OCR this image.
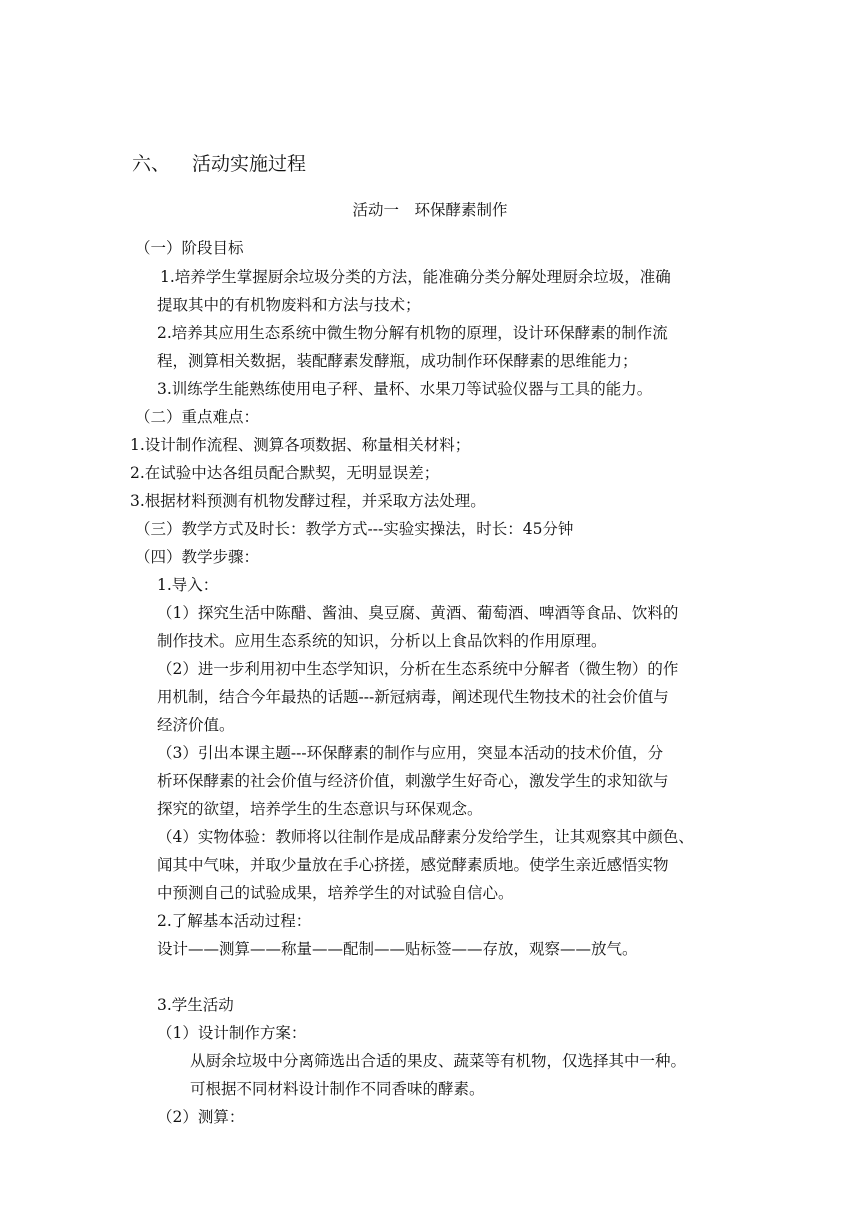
六、 活动实施过程
活动一　环保酵素制作
（一）阶段目标
1.培养学生掌握厨余垃圾分类的方法，能准确分类分解处理厨余垃圾，准确
提取其中的有机物废料和方法与技术；
2.培养其应用生态系统中微生物分解有机物的原理，设计环保酵素的制作流
程，测算相关数据，装配酵素发酵瓶，成功制作环保酵素的思维能力；
3.训练学生能熟练使用电子秤、量杯、水果刀等试验仪器与工具的能力。
（二）重点难点：
1.设计制作流程、测算各项数据、称量相关材料；
2.在试验中达各组员配合默契，无明显误差；
3.根据材料预测有机物发酵过程，并采取方法处理。
（三）教学方式及时长：教学方式---实验实操法，时长：45分钟
（四）教学步骤：
1.导入：
（1）探究生活中陈醋、酱油、臭豆腐、黄酒、葡萄酒、啤酒等食品、饮料的
制作技术。应用生态系统的知识，分析以上食品饮料的作用原理。
（2）进一步利用初中生态学知识，分析在生态系统中分解者（微生物）的作
用机制，结合今年最热的话题---新冠病毒，阐述现代生物技术的社会价值与
经济价值。
（3）引出本课主题---环保酵素的制作与应用，突显本活动的技术价值，分
析环保酵素的社会价值与经济价值，刺激学生好奇心，激发学生的求知欲与
探究的欲望，培养学生的生态意识与环保观念。
（4）实物体验：教师将以往制作是成品酵素分发给学生，让其观察其中颜色、
闻其中气味，并取少量放在手心挤搓，感觉酵素质地。使学生亲近感悟实物
中预测自己的试验成果，培养学生的对试验自信心。
2.了解基本活动过程：
设计——测算——称量——配制——贴标签——存放，观察——放气。
3.学生活动
（1）设计制作方案：
从厨余垃圾中分离筛选出合适的果皮、蔬菜等有机物，仅选择其中一种。
可根据不同材料设计制作不同香味的酵素。
（2）测算：
